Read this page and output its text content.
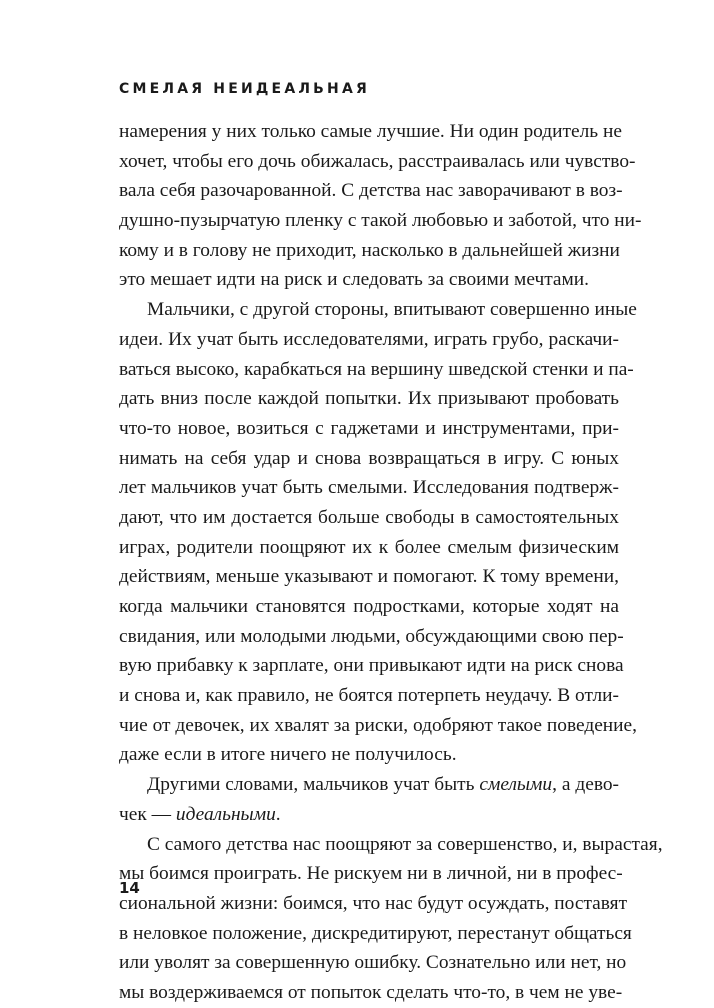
СМЕЛАЯ НЕИДЕАЛЬНАЯ
намерения у них только самые лучшие. Ни один родитель не
хочет, чтобы его дочь обижалась, расстраивалась или чувство-
вала себя разочарованной. С детства нас заворачивают в воз-
душно-пузырчатую пленку с такой любовью и заботой, что ни-
кому и в голову не приходит, насколько в дальнейшей жизни
это мешает идти на риск и следовать за своими мечтами.
Мальчики, с другой стороны, впитывают совершенно иные
идеи. Их учат быть исследователями, играть грубо, раскачи-
ваться высоко, карабкаться на вершину шведской стенки и па-
дать вниз после каждой попытки. Их призывают пробовать
что-то новое, возиться с гаджетами и инструментами, при-
нимать на себя удар и снова возвращаться в игру. С юных
лет мальчиков учат быть смелыми. Исследования подтверж-
дают, что им достается больше свободы в самостоятельных
играх, родители поощряют их к более смелым физическим
действиям, меньше указывают и помогают. К тому времени,
когда мальчики становятся подростками, которые ходят на
свидания, или молодыми людьми, обсуждающими свою пер-
вую прибавку к зарплате, они привыкают идти на риск снова
и снова и, как правило, не боятся потерпеть неудачу. В отли-
чие от девочек, их хвалят за риски, одобряют такое поведение,
даже если в итоге ничего не получилось.
Другими словами, мальчиков учат быть смелыми, а дево-
чек — идеальными.
С самого детства нас поощряют за совершенство, и, вырастая,
мы боимся проиграть. Не рискуем ни в личной, ни в профес-
сиональной жизни: боимся, что нас будут осуждать, поставят
в неловкое положение, дискредитируют, перестанут общаться
или уволят за совершенную ошибку. Сознательно или нет, но
мы воздерживаемся от попыток сделать что-то, в чем не уве-
14
